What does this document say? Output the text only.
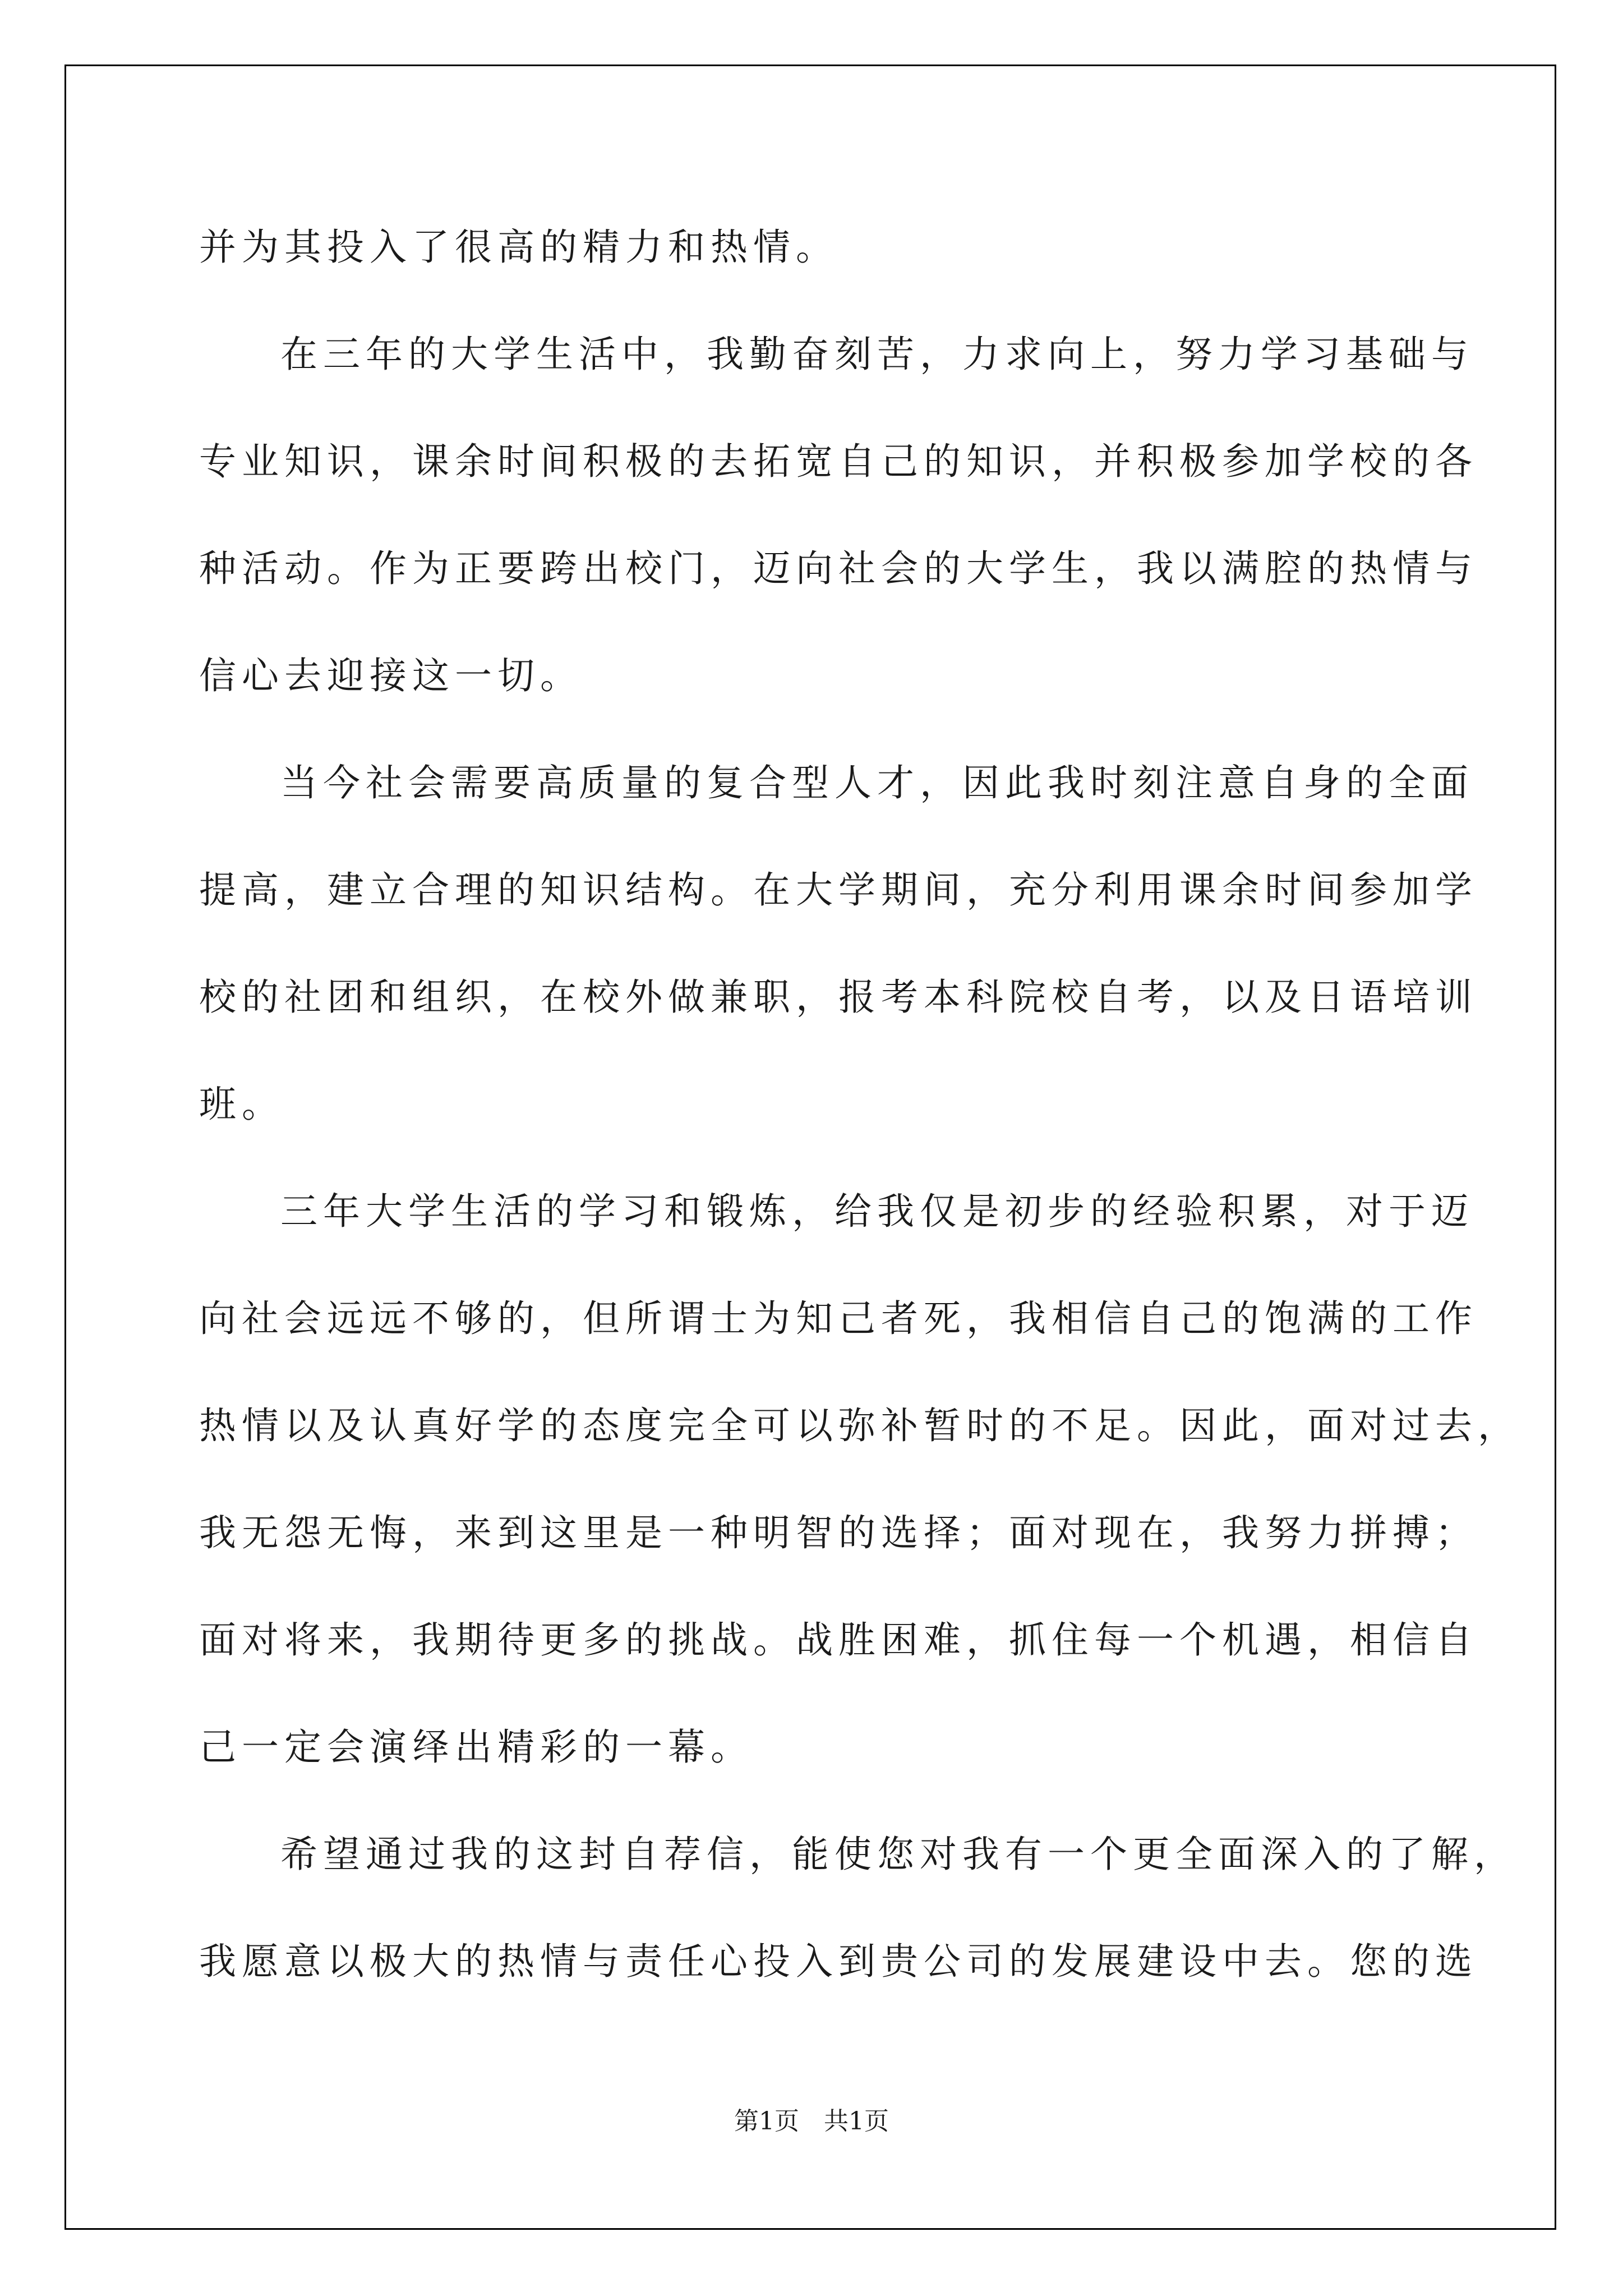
并为其投入了很高的精力和热情。
在三年的大学生活中，我勤奋刻苦，力求向上，努力学习基础与
专业知识，课余时间积极的去拓宽自己的知识，并积极参加学校的各
种活动。作为正要跨出校门，迈向社会的大学生，我以满腔的热情与
信心去迎接这一切。
当今社会需要高质量的复合型人才，因此我时刻注意自身的全面
提高，建立合理的知识结构。在大学期间，充分利用课余时间参加学
校的社团和组织，在校外做兼职，报考本科院校自考，以及日语培训
班。
三年大学生活的学习和锻炼，给我仅是初步的经验积累，对于迈
向社会远远不够的，但所谓士为知己者死，我相信自己的饱满的工作
热情以及认真好学的态度完全可以弥补暂时的不足。因此，面对过去，
我无怨无悔，来到这里是一种明智的选择；面对现在，我努力拼搏；
面对将来，我期待更多的挑战。战胜困难，抓住每一个机遇，相信自
己一定会演绎出精彩的一幕。
希望通过我的这封自荐信，能使您对我有一个更全面深入的了解，
我愿意以极大的热情与责任心投入到贵公司的发展建设中去。您的选
第1页　共1页
